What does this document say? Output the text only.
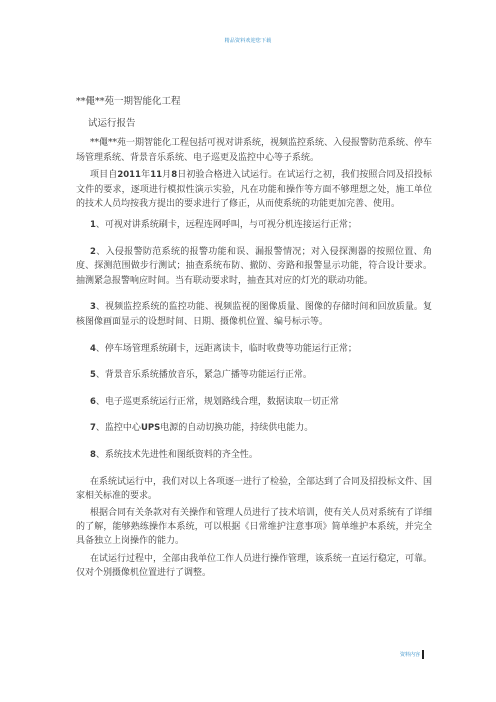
精品资料欢迎您下载
**僶**苑一期智能化工程
试运行报告

**僶**苑一期智能化工程包括可视对讲系统，视频监控系统、入侵报警防范系统、停车场管理系统、背景音乐系统、电子巡更及监控中心等子系统。

项目自2011年11月8日初验合格进入试运行。在试运行之初，我们按照合同及招投标文件的要求，逐项进行模拟性演示实验，凡在功能和操作等方面不够理想之处，施工单位的技术人员均按我方提出的要求进行了修正，从而使系统的功能更加完善、使用。

1、可视对讲系统刷卡，远程连网呼叫，与可视分机连接运行正常；

2、入侵报警防范系统的报警功能和误、漏报警情况；对入侵探测器的按照位置、角度、探测范围做步行测试；抽查系统布防、撤防、旁路和报警显示功能，符合设计要求。抽测紧急报警响应时间。当有联动要求时，抽查其对应的灯光的联动功能。

3、视频监控系统的监控功能、视频监视的图像质量、图像的存储时间和回放质量。复核图像画面显示的设想时间、日期、摄像机位置、编号标示等。

4、停车场管理系统刷卡，远距离读卡，临时收费等功能运行正常；

5、背景音乐系统播放音乐，紧急广播等功能运行正常。

6、电子巡更系统运行正常，规划路线合理，数据读取一切正常

7、监控中心UPS电源的自动切换功能，持续供电能力。

8、系统技术先进性和图纸资料的齐全性。

在系统试运行中，我们对以上各项逐一进行了检验，全部达到了合同及招投标文件、国家相关标准的要求。

根据合同有关条款对有关操作和管理人员进行了技术培训，使有关人员对系统有了详细的了解，能够熟练操作本系统，可以根据《日常维护注意事项》简单维护本系统，并完全具备独立上岗操作的能力。

在试运行过程中，全部由我单位工作人员进行操作管理，该系统一直运行稳定，可靠。仅对个别摄像机位置进行了调整。

资料内容
